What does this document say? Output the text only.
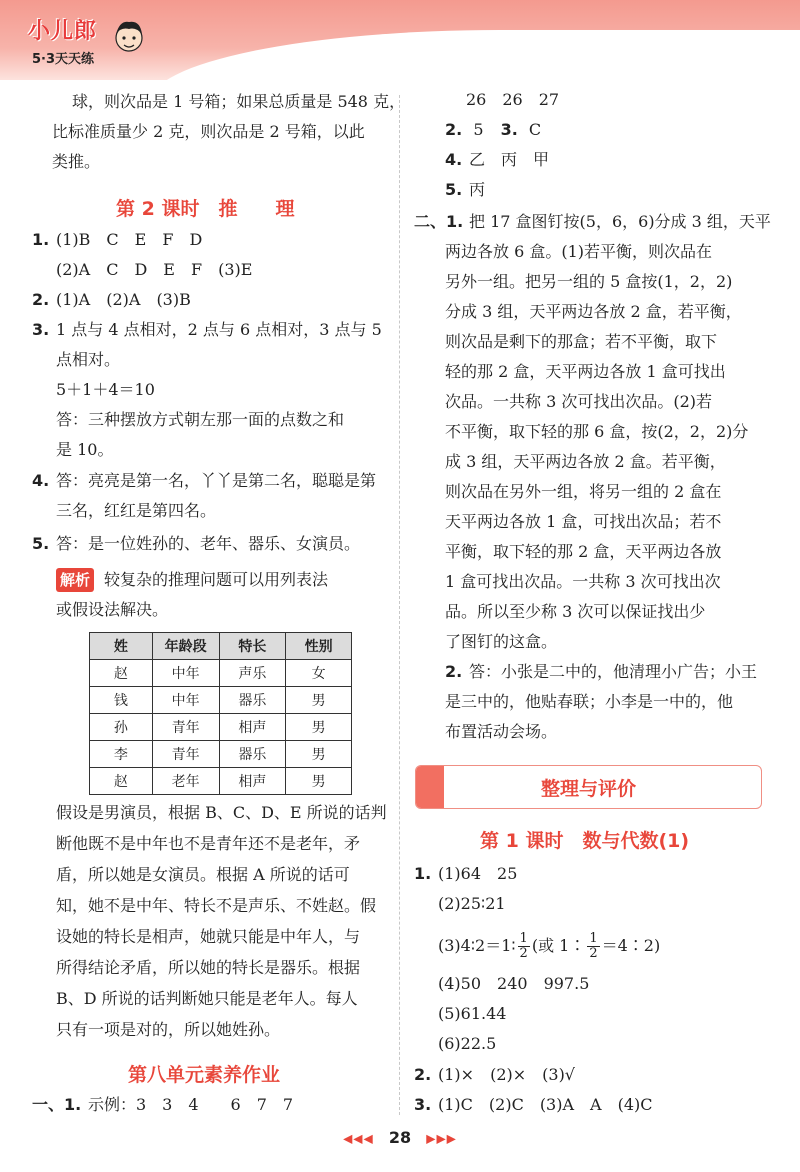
小儿郎
5·3天天练
球，则次品是 1 号箱；如果总质量是 548 克，
比标准质量少 2 克，则次品是 2 号箱，以此
类推。
第 2 课时　推　　理
1. (1)B　C　E　F　D
(2)A　C　D　E　F　(3)E
2. (1)A　(2)A　(3)B
3. 1 点与 4 点相对，2 点与 6 点相对，3 点与 5
点相对。
5＋1＋4＝10
答：三种摆放方式朝左那一面的点数之和
是 10。
4. 答：亮亮是第一名，丫丫是第二名，聪聪是第
三名，红红是第四名。
5. 答：是一位姓孙的、老年、器乐、女演员。
解析 较复杂的推理问题可以用列表法
或假设法解决。
姓	年龄段	特长	性别
赵	中年	声乐	女
钱	中年	器乐	男
孙	青年	相声	男
李	青年	器乐	男
赵	老年	相声	男
假设是男演员，根据 B、C、D、E 所说的话判
断他既不是中年也不是青年还不是老年，矛
盾，所以她是女演员。根据 A 所说的话可
知，她不是中年、特长不是声乐、不姓赵。假
设她的特长是相声，她就只能是中年人，与
所得结论矛盾，所以她的特长是器乐。根据
B、D 所说的话判断她只能是老年人。每人
只有一项是对的，所以她姓孙。
第八单元素养作业
一、1. 示例：3　3　4　　6　7　7
26　26　27
2. 5 3. C
4. 乙　丙　甲
5. 丙
二、1. 把 17 盒图钉按(5，6，6)分成 3 组，天平
两边各放 6 盒。(1)若平衡，则次品在
另外一组。把另一组的 5 盒按(1，2，2)
分成 3 组，天平两边各放 2 盒，若平衡，
则次品是剩下的那盒；若不平衡，取下
轻的那 2 盒，天平两边各放 1 盒可找出
次品。一共称 3 次可找出次品。(2)若
不平衡，取下轻的那 6 盒，按(2，2，2)分
成 3 组，天平两边各放 2 盒。若平衡，
则次品在另外一组，将另一组的 2 盒在
天平两边各放 1 盒，可找出次品；若不
平衡，取下轻的那 2 盒，天平两边各放
1 盒可找出次品。一共称 3 次可找出次
品。所以至少称 3 次可以保证找出少
了图钉的这盒。
2. 答：小张是二中的，他清理小广告；小王
是三中的，他贴春联；小李是一中的，他
布置活动会场。
整理与评价
第 1 课时　数与代数(1)
1. (1)64　25
(2)25∶21
(3)4∶2＝1∶ $\frac{1}{2}$ (或 1∶ $\frac{1}{2}$ ＝4∶2)
(4)50　240　997.5
(5)61.44
(6)22.5
2. (1)×　(2)×　(3)√
3. (1)C　(2)C　(3)A　A　(4)C
◀◀◀ 28 ▶▶▶
